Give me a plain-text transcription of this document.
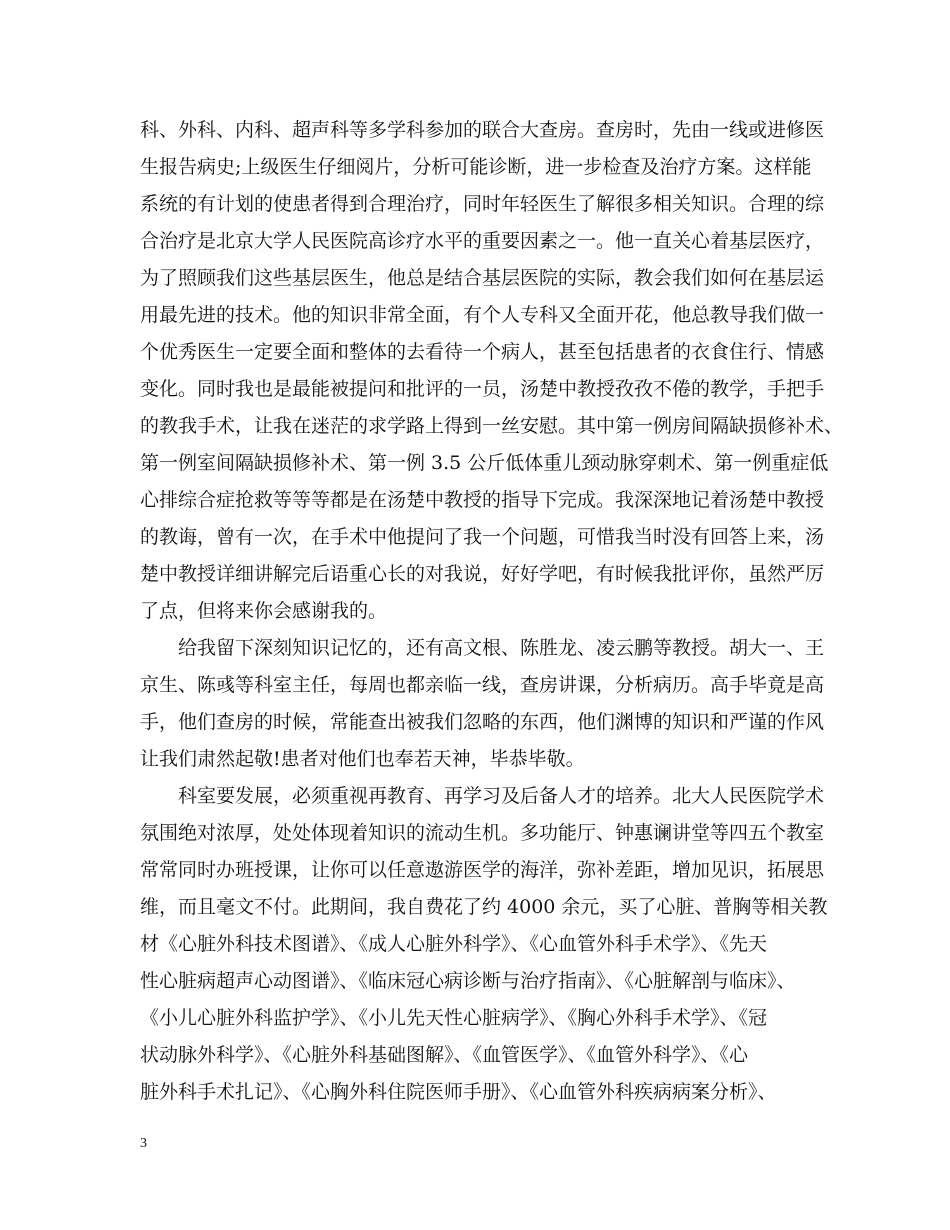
科、外科、内科、超声科等多学科参加的联合大查房。查房时，先由一线或进修医
生报告病史;上级医生仔细阅片，分析可能诊断，进一步检查及治疗方案。这样能
系统的有计划的使患者得到合理治疗，同时年轻医生了解很多相关知识。合理的综
合治疗是北京大学人民医院高诊疗水平的重要因素之一。他一直关心着基层医疗，
为了照顾我们这些基层医生，他总是结合基层医院的实际，教会我们如何在基层运
用最先进的技术。他的知识非常全面，有个人专科又全面开花，他总教导我们做一
个优秀医生一定要全面和整体的去看待一个病人，甚至包括患者的衣食住行、情感
变化。同时我也是最能被提问和批评的一员，汤楚中教授孜孜不倦的教学，手把手
的教我手术，让我在迷茫的求学路上得到一丝安慰。其中第一例房间隔缺损修补术、
第一例室间隔缺损修补术、第一例 3.5 公斤低体重儿颈动脉穿刺术、第一例重症低
心排综合症抢救等等等都是在汤楚中教授的指导下完成。我深深地记着汤楚中教授
的教诲，曾有一次，在手术中他提问了我一个问题，可惜我当时没有回答上来，汤
楚中教授详细讲解完后语重心长的对我说，好好学吧，有时候我批评你，虽然严厉
了点，但将来你会感谢我的。
给我留下深刻知识记忆的，还有高文根、陈胜龙、凌云鹏等教授。胡大一、王
京生、陈彧等科室主任，每周也都亲临一线，查房讲课，分析病历。高手毕竟是高
手，他们查房的时候，常能查出被我们忽略的东西，他们渊博的知识和严谨的作风
让我们肃然起敬!患者对他们也奉若天神，毕恭毕敬。
科室要发展，必须重视再教育、再学习及后备人才的培养。北大人民医院学术
氛围绝对浓厚，处处体现着知识的流动生机。多功能厅、钟惠谰讲堂等四五个教室
常常同时办班授课，让你可以任意遨游医学的海洋，弥补差距，增加见识，拓展思
维，而且毫文不付。此期间，我自费花了约 4000 余元，买了心脏、普胸等相关教
材《心脏外科技术图谱》、《成人心脏外科学》、《心血管外科手术学》、《先天
性心脏病超声心动图谱》、《临床冠心病诊断与治疗指南》、《心脏解剖与临床》、
《小儿心脏外科监护学》、《小儿先天性心脏病学》、《胸心外科手术学》、《冠
状动脉外科学》、《心脏外科基础图解》、《血管医学》、《血管外科学》、《心
脏外科手术扎记》、《心胸外科住院医师手册》、《心血管外科疾病病案分析》、
3
